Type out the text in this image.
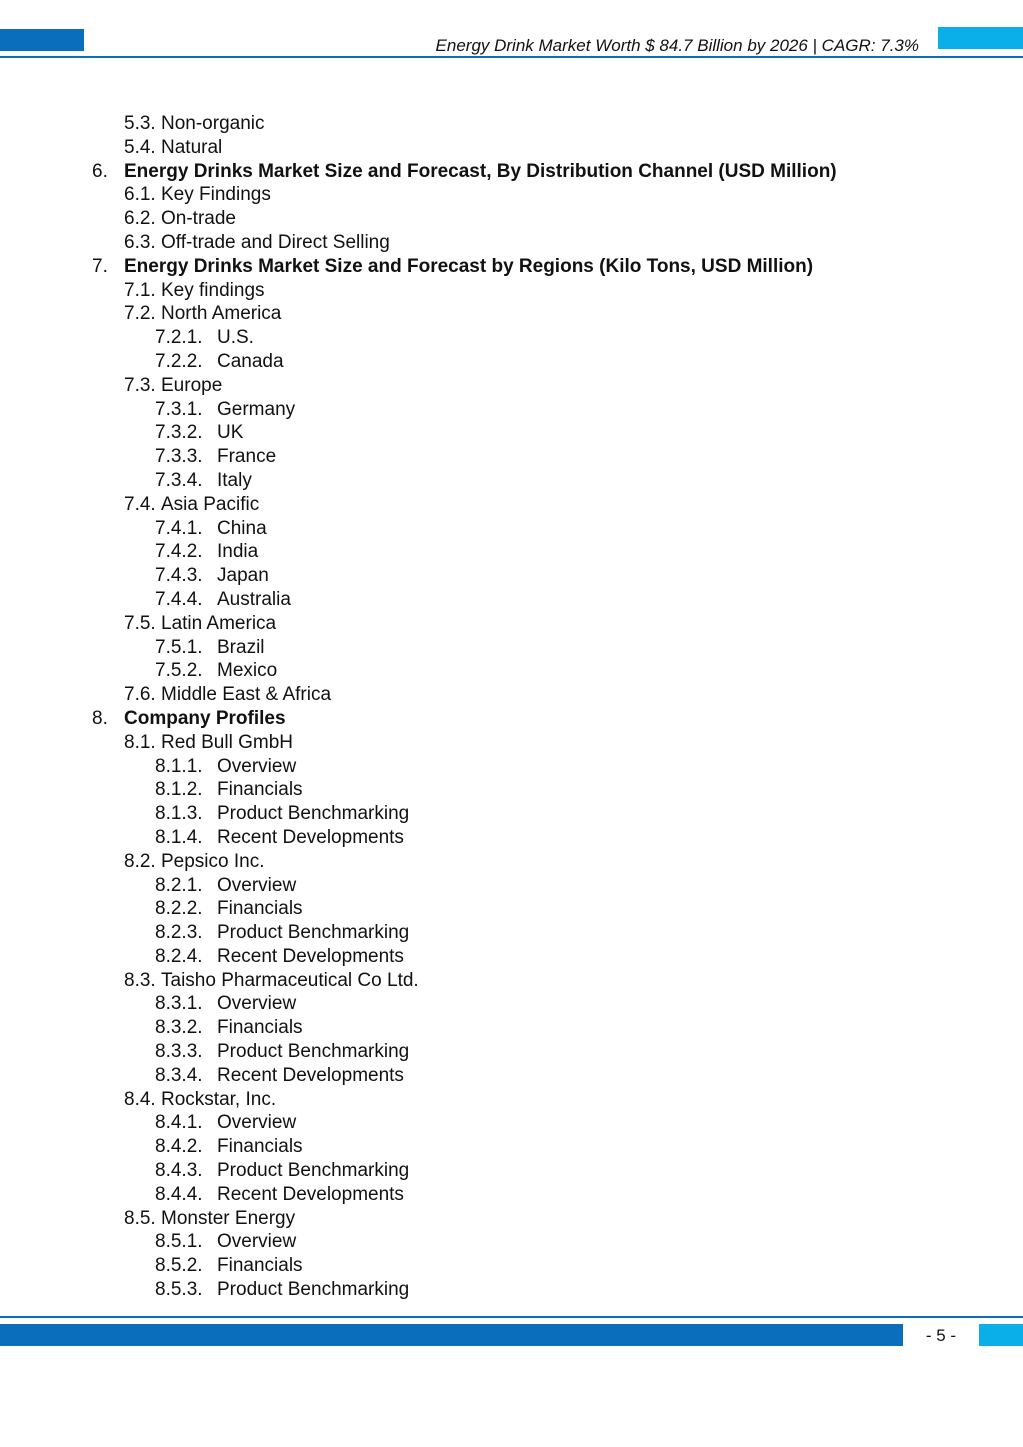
Energy Drink Market Worth $ 84.7 Billion by 2026 | CAGR: 7.3%
5.3. Non-organic
5.4. Natural
6. Energy Drinks Market Size and Forecast, By Distribution Channel (USD Million)
6.1. Key Findings
6.2. On-trade
6.3. Off-trade and Direct Selling
7. Energy Drinks Market Size and Forecast by Regions (Kilo Tons, USD Million)
7.1. Key findings
7.2. North America
7.2.1. U.S.
7.2.2. Canada
7.3. Europe
7.3.1. Germany
7.3.2. UK
7.3.3. France
7.3.4. Italy
7.4. Asia Pacific
7.4.1. China
7.4.2. India
7.4.3. Japan
7.4.4. Australia
7.5. Latin America
7.5.1. Brazil
7.5.2. Mexico
7.6. Middle East & Africa
8. Company Profiles
8.1. Red Bull GmbH
8.1.1. Overview
8.1.2. Financials
8.1.3. Product Benchmarking
8.1.4. Recent Developments
8.2. Pepsico Inc.
8.2.1. Overview
8.2.2. Financials
8.2.3. Product Benchmarking
8.2.4. Recent Developments
8.3. Taisho Pharmaceutical Co Ltd.
8.3.1. Overview
8.3.2. Financials
8.3.3. Product Benchmarking
8.3.4. Recent Developments
8.4. Rockstar, Inc.
8.4.1. Overview
8.4.2. Financials
8.4.3. Product Benchmarking
8.4.4. Recent Developments
8.5. Monster Energy
8.5.1. Overview
8.5.2. Financials
8.5.3. Product Benchmarking
- 5 -
